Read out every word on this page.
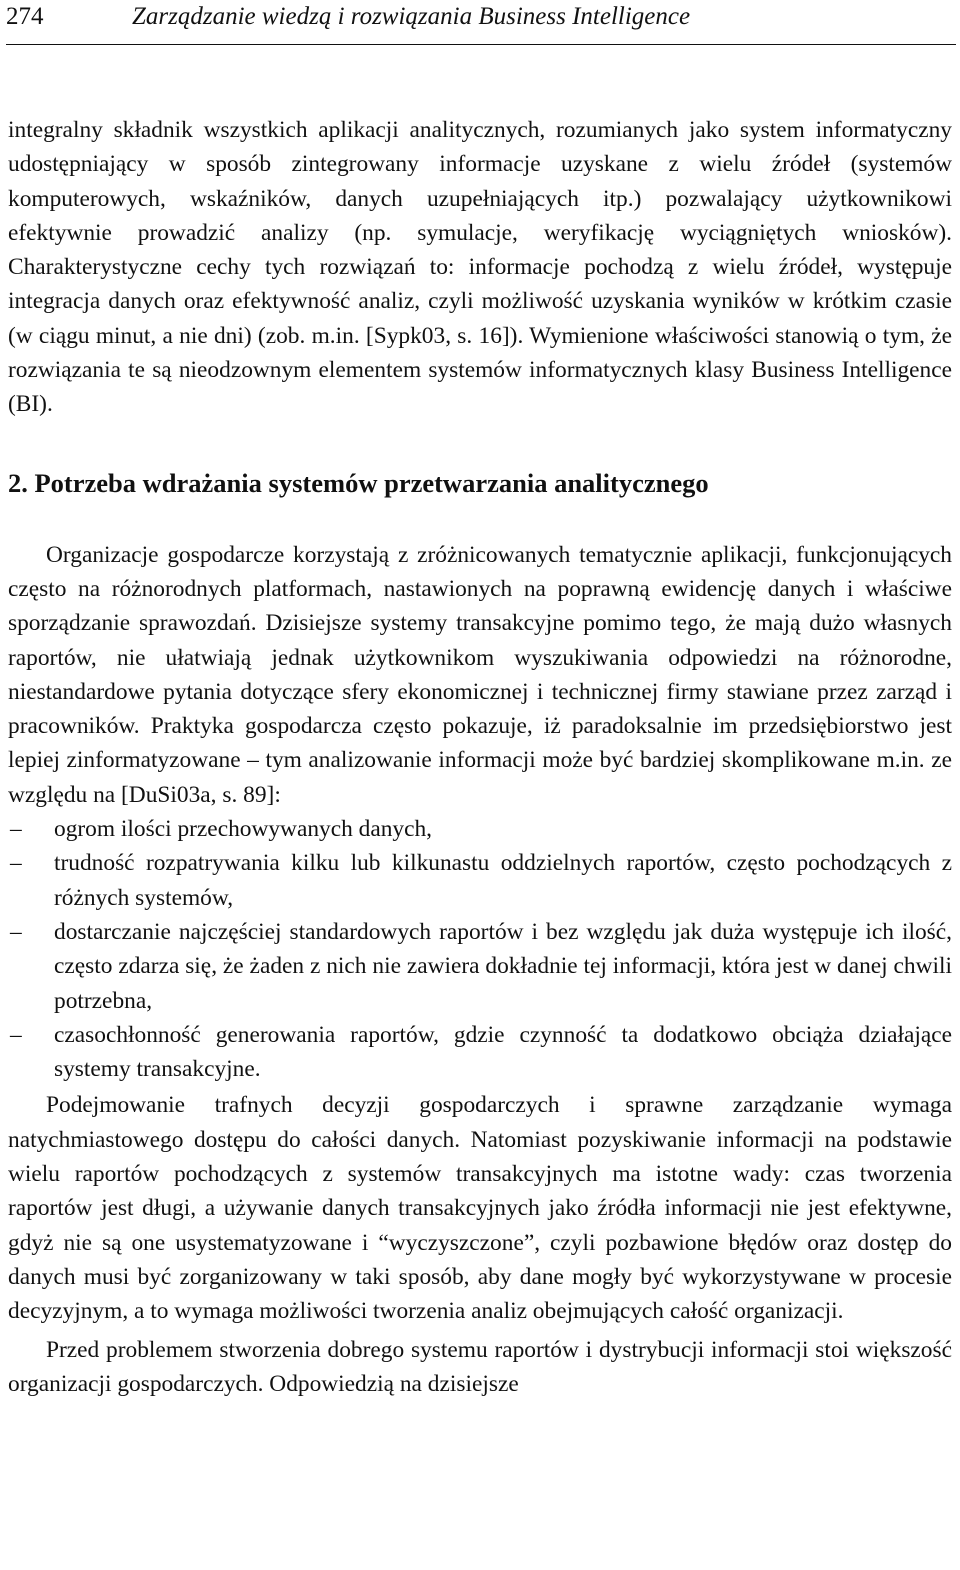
274	Zarządzanie wiedzą i rozwiązania Business Intelligence

integralny składnik wszystkich aplikacji analitycznych, rozumianych jako system informatyczny udostępniający w sposób zintegrowany informacje uzyskane z wielu źródeł (systemów komputerowych, wskaźników, danych uzupełniających itp.) pozwalający użytkownikowi efektywnie prowadzić analizy (np. symulacje, weryfikację wyciągniętych wniosków). Charakterystyczne cechy tych rozwiązań to: informacje pochodzą z wielu źródeł, występuje integracja danych oraz efektywność analiz, czyli możliwość uzyskania wyników w krótkim czasie (w ciągu minut, a nie dni) (zob. m.in. [Sypk03, s. 16]). Wymienione właściwości stanowią o tym, że rozwiązania te są nieodzownym elementem systemów informatycznych klasy Business Intelligence (BI).

2. Potrzeba wdrażania systemów przetwarzania analitycznego

Organizacje gospodarcze korzystają z zróżnicowanych tematycznie aplikacji, funkcjonujących często na różnorodnych platformach, nastawionych na poprawną ewidencję danych i właściwe sporządzanie sprawozdań. Dzisiejsze systemy transakcyjne pomimo tego, że mają dużo własnych raportów, nie ułatwiają jednak użytkownikom wyszukiwania odpowiedzi na różnorodne, niestandardowe pytania dotyczące sfery ekonomicznej i technicznej firmy stawiane przez zarząd i pracowników. Praktyka gospodarcza często pokazuje, iż paradoksalnie im przedsiębiorstwo jest lepiej zinformatyzowane – tym analizowanie informacji może być bardziej skomplikowane m.in. ze względu na [DuSi03a, s. 89]:

– ogrom ilości przechowywanych danych,
– trudność rozpatrywania kilku lub kilkunastu oddzielnych raportów, często pochodzących z różnych systemów,
– dostarczanie najczęściej standardowych raportów i bez względu jak duża występuje ich ilość, często zdarza się, że żaden z nich nie zawiera dokładnie tej informacji, która jest w danej chwili potrzebna,
– czasochłonność generowania raportów, gdzie czynność ta dodatkowo obciąża działające systemy transakcyjne.

Podejmowanie trafnych decyzji gospodarczych i sprawne zarządzanie wymaga natychmiastowego dostępu do całości danych. Natomiast pozyskiwanie informacji na podstawie wielu raportów pochodzących z systemów transakcyjnych ma istotne wady: czas tworzenia raportów jest długi, a używanie danych transakcyjnych jako źródła informacji nie jest efektywne, gdyż nie są one usystematyzowane i “wyczyszczone”, czyli pozbawione błędów oraz dostęp do danych musi być zorganizowany w taki sposób, aby dane mogły być wykorzystywane w procesie decyzyjnym, a to wymaga możliwości tworzenia analiz obejmujących całość organizacji.

Przed problemem stworzenia dobrego systemu raportów i dystrybucji informacji stoi większość organizacji gospodarczych. Odpowiedzią na dzisiejsze
